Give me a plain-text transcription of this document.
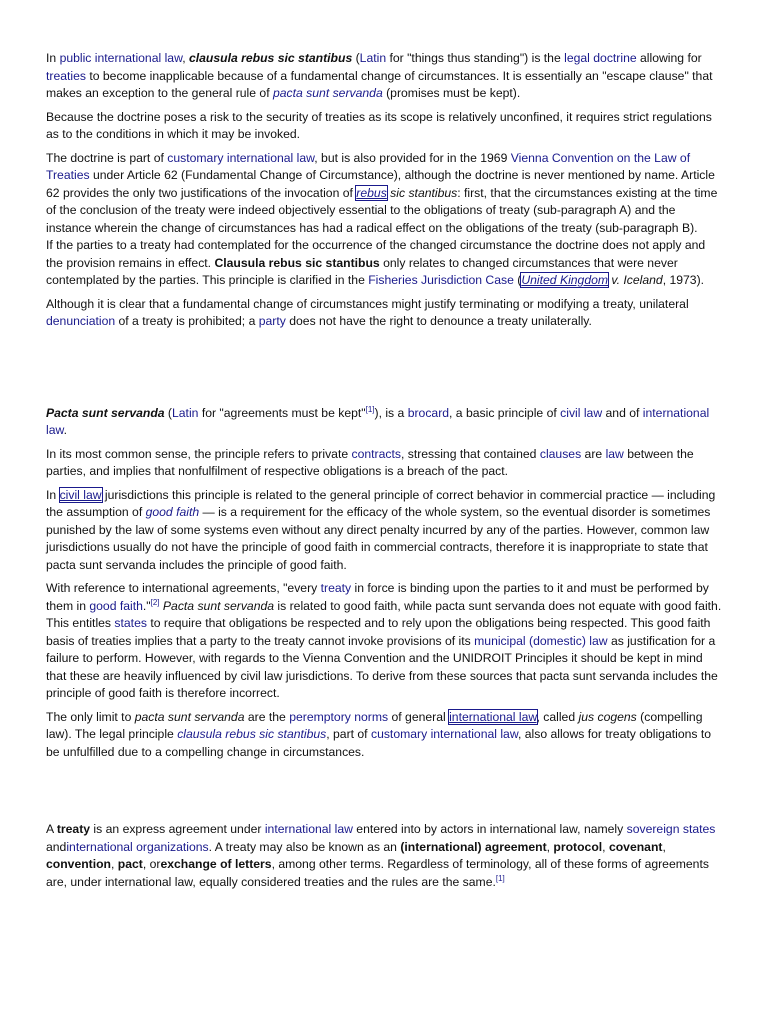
In public international law, clausula rebus sic stantibus (Latin for "things thus standing") is the legal doctrine allowing for treaties to become inapplicable because of a fundamental change of circumstances. It is essentially an "escape clause" that makes an exception to the general rule of pacta sunt servanda (promises must be kept).

Because the doctrine poses a risk to the security of treaties as its scope is relatively unconfined, it requires strict regulations as to the conditions in which it may be invoked.

The doctrine is part of customary international law, but is also provided for in the 1969 Vienna Convention on the Law of Treaties under Article 62 (Fundamental Change of Circumstance), although the doctrine is never mentioned by name. Article 62 provides the only two justifications of the invocation of rebus sic stantibus: first, that the circumstances existing at the time of the conclusion of the treaty were indeed objectively essential to the obligations of treaty (sub-paragraph A) and the instance wherein the change of circumstances has had a radical effect on the obligations of the treaty (sub-paragraph B).
If the parties to a treaty had contemplated for the occurrence of the changed circumstance the doctrine does not apply and the provision remains in effect. Clausula rebus sic stantibus only relates to changed circumstances that were never contemplated by the parties. This principle is clarified in the Fisheries Jurisdiction Case (United Kingdom v. Iceland, 1973).

Although it is clear that a fundamental change of circumstances might justify terminating or modifying a treaty, unilateral denunciation of a treaty is prohibited; a party does not have the right to denounce a treaty unilaterally.

Pacta sunt servanda (Latin for "agreements must be kept"[1]), is a brocard, a basic principle of civil law and of international law.

In its most common sense, the principle refers to private contracts, stressing that contained clauses are law between the parties, and implies that nonfulfilment of respective obligations is a breach of the pact.

In civil law jurisdictions this principle is related to the general principle of correct behavior in commercial practice — including the assumption of good faith — is a requirement for the efficacy of the whole system, so the eventual disorder is sometimes punished by the law of some systems even without any direct penalty incurred by any of the parties. However, common law jurisdictions usually do not have the principle of good faith in commercial contracts, therefore it is inappropriate to state that pacta sunt servanda includes the principle of good faith.

With reference to international agreements, "every treaty in force is binding upon the parties to it and must be performed by them in good faith."[2] Pacta sunt servanda is related to good faith, while pacta sunt servanda does not equate with good faith. This entitles states to require that obligations be respected and to rely upon the obligations being respected. This good faith basis of treaties implies that a party to the treaty cannot invoke provisions of its municipal (domestic) law as justification for a failure to perform. However, with regards to the Vienna Convention and the UNIDROIT Principles it should be kept in mind that these are heavily influenced by civil law jurisdictions. To derive from these sources that pacta sunt servanda includes the principle of good faith is therefore incorrect.

The only limit to pacta sunt servanda are the peremptory norms of general international law, called jus cogens (compelling law). The legal principle clausula rebus sic stantibus, part of customary international law, also allows for treaty obligations to be unfulfilled due to a compelling change in circumstances.

A treaty is an express agreement under international law entered into by actors in international law, namely sovereign states andinternational organizations. A treaty may also be known as an (international) agreement, protocol, covenant, convention, pact, orexchange of letters, among other terms. Regardless of terminology, all of these forms of agreements are, under international law, equally considered treaties and the rules are the same.[1]
